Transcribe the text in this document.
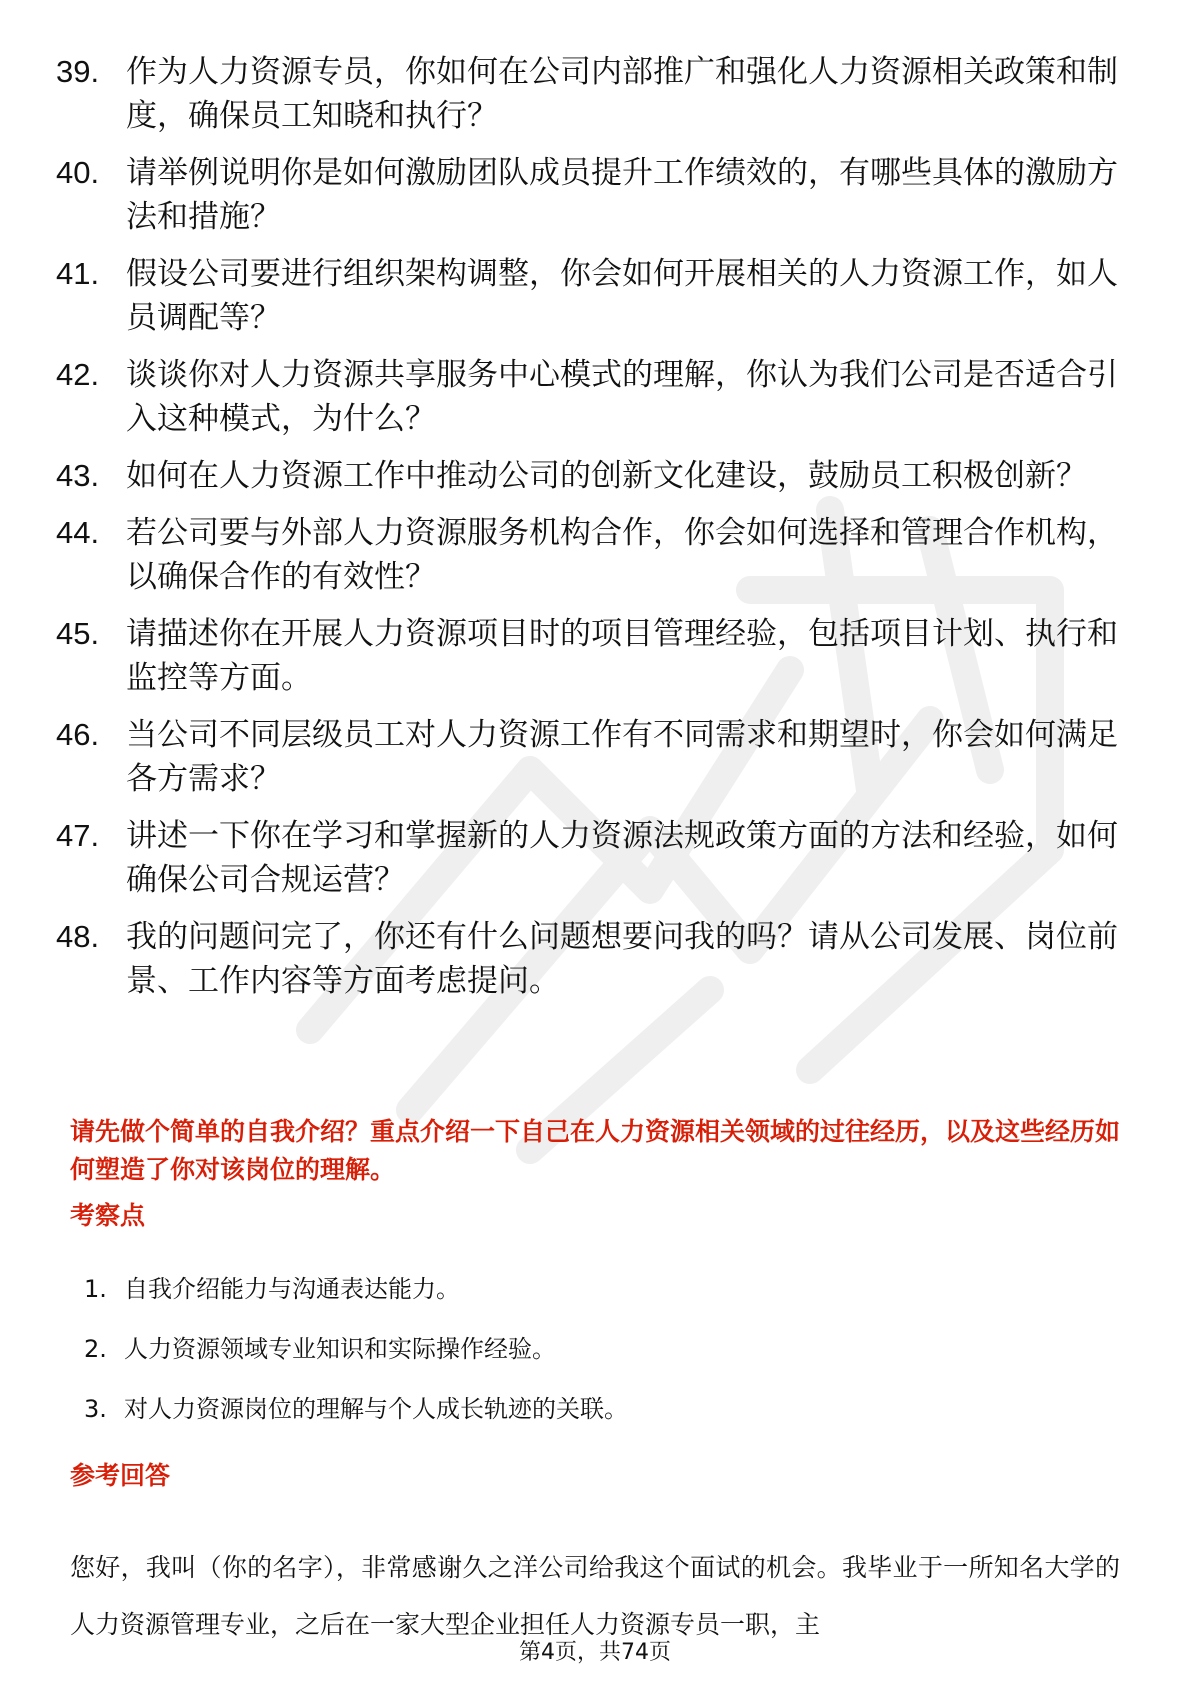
39. 作为人力资源专员，你如何在公司内部推广和强化人力资源相关政策和制度，确保员工知晓和执行？
40. 请举例说明你是如何激励团队成员提升工作绩效的，有哪些具体的激励方法和措施？
41. 假设公司要进行组织架构调整，你会如何开展相关的人力资源工作，如人员调配等？
42. 谈谈你对人力资源共享服务中心模式的理解，你认为我们公司是否适合引入这种模式，为什么？
43. 如何在人力资源工作中推动公司的创新文化建设，鼓励员工积极创新？
44. 若公司要与外部人力资源服务机构合作，你会如何选择和管理合作机构，以确保合作的有效性？
45. 请描述你在开展人力资源项目时的项目管理经验，包括项目计划、执行和监控等方面。
46. 当公司不同层级员工对人力资源工作有不同需求和期望时，你会如何满足各方需求？
47. 讲述一下你在学习和掌握新的人力资源法规政策方面的方法和经验，如何确保公司合规运营？
48. 我的问题问完了，你还有什么问题想要问我的吗？请从公司发展、岗位前景、工作内容等方面考虑提问。
请先做个简单的自我介绍？重点介绍一下自己在人力资源相关领域的过往经历，以及这些经历如何塑造了你对该岗位的理解。
考察点
1. 自我介绍能力与沟通表达能力。
2. 人力资源领域专业知识和实际操作经验。
3. 对人力资源岗位的理解与个人成长轨迹的关联。
参考回答
您好，我叫（你的名字），非常感谢久之洋公司给我这个面试的机会。我毕业于一所知名大学的人力资源管理专业，之后在一家大型企业担任人力资源专员一职，主
第4页，共74页
